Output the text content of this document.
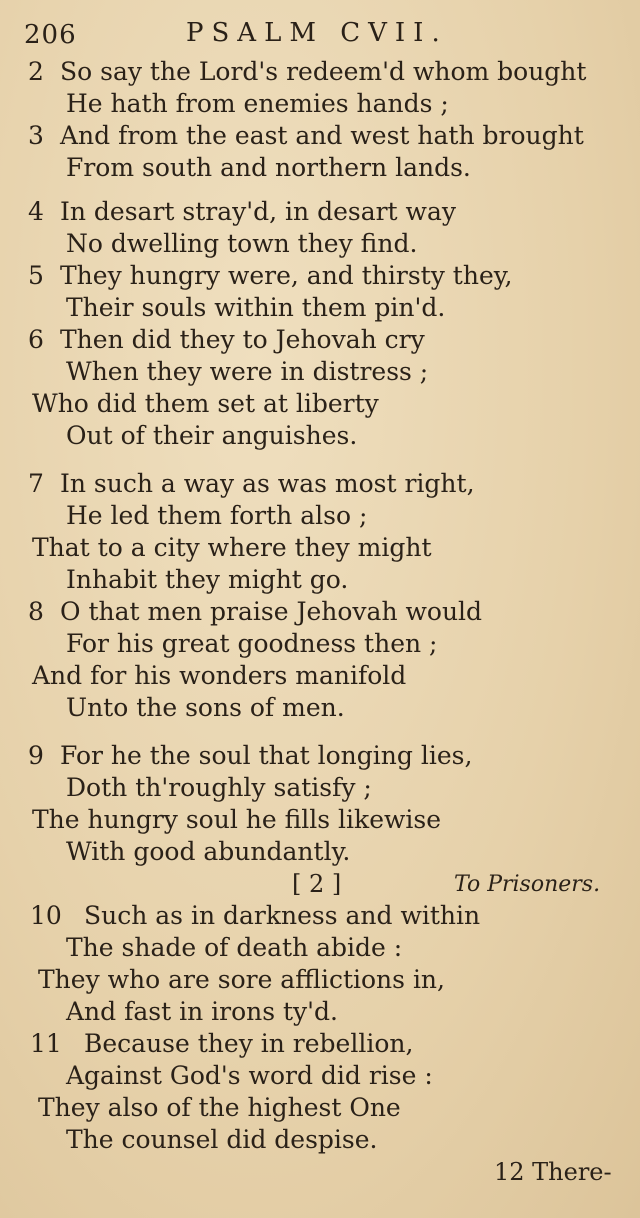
206	PSALM CVII.
2 So say the Lord's redeem'd whom bought
He hath from enemies hands ;
3 And from the east and west hath brought
From south and northern lands.
4 In desart stray'd, in desart way
No dwelling town they find.
5 They hungry were, and thirsty they,
Their souls within them pin'd.
6 Then did they to Jehovah cry
When they were in distress ;
Who did them set at liberty
Out of their anguishes.
7 In such a way as was most right,
He led them forth also ;
That to a city where they might
Inhabit they might go.
8 O that men praise Jehovah would
For his great goodness then ;
And for his wonders manifold
Unto the sons of men.
9 For he the soul that longing lies,
Doth th'roughly satisfy ;
The hungry soul he fills likewise
With good abundantly.
10 Such as in darkness and within
The shade of death abide :
They who are sore afflictions in,
And fast in irons ty'd.
11 Because they in rebellion,
Against God's word did rise :
They also of the highest One
The counsel did despise.
[ 2 ]	To Prisoners.
12 There-
